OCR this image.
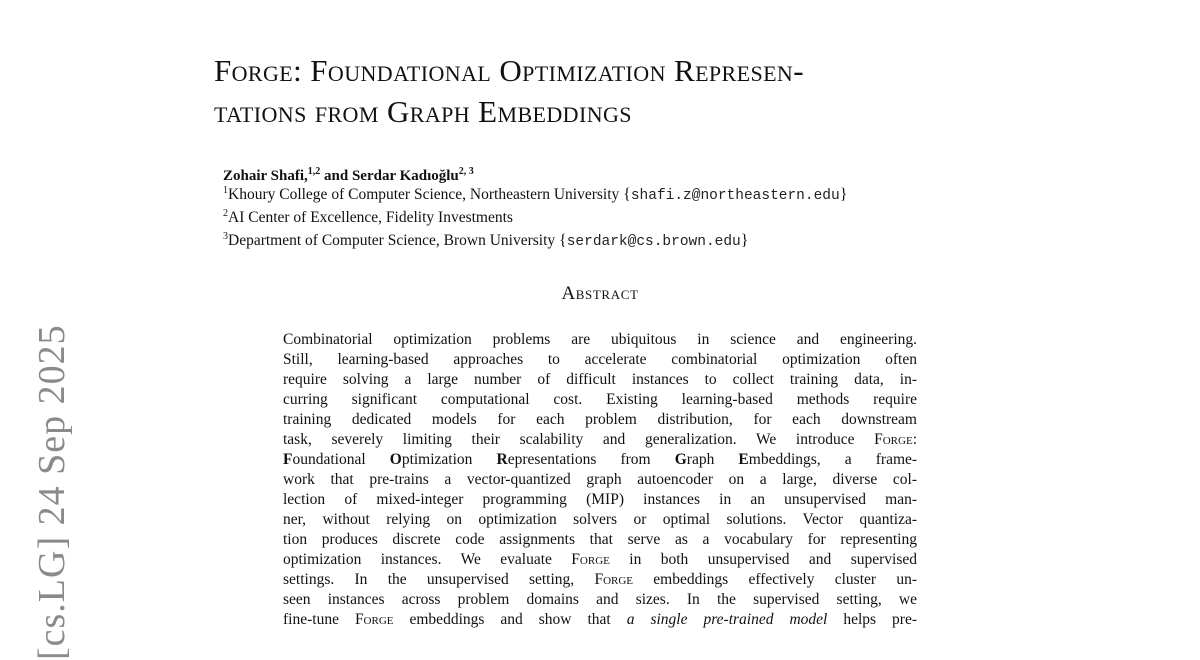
Forge: Foundational Optimization Represen-
tations from Graph Embeddings
Zohair Shafi,$^{1,2}$ and Serdar Kadıoğlu$^{2, 3}$
$^1$Khoury College of Computer Science, Northeastern University {shafi.z@northeastern.edu}
$^2$AI Center of Excellence, Fidelity Investments
$^3$Department of Computer Science, Brown University {serdark@cs.brown.edu}
Abstract
Combinatorial optimization problems are ubiquitous in science and engineering.
Still, learning-based approaches to accelerate combinatorial optimization often
require solving a large number of difficult instances to collect training data, in-
curring significant computational cost. Existing learning-based methods require
training dedicated models for each problem distribution, for each downstream
task, severely limiting their scalability and generalization. We introduce Forge:
Foundational Optimization Representations from Graph Embeddings, a frame-
work that pre-trains a vector-quantized graph autoencoder on a large, diverse col-
lection of mixed-integer programming (MIP) instances in an unsupervised man-
ner, without relying on optimization solvers or optimal solutions. Vector quantiza-
tion produces discrete code assignments that serve as a vocabulary for representing
optimization instances. We evaluate Forge in both unsupervised and supervised
settings. In the unsupervised setting, Forge embeddings effectively cluster un-
seen instances across problem domains and sizes. In the supervised setting, we
fine-tune Forge embeddings and show that a single pre-trained model helps pre-
[cs.LG] 24 Sep 2025
